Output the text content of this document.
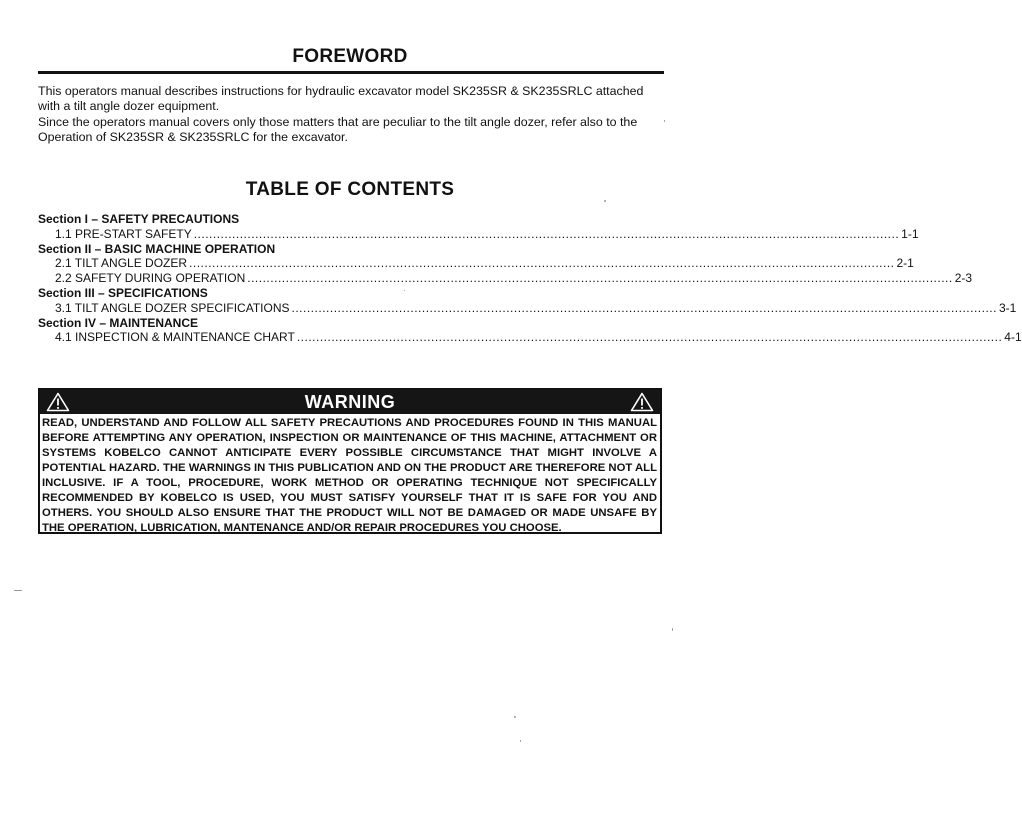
FOREWORD

This operators manual describes instructions for hydraulic excavator model SK235SR & SK235SRLC attached with a tilt angle dozer equipment.

Since the operators manual covers only those matters that are peculiar to the tilt angle dozer, refer also to the Operation of SK235SR & SK235SRLC for the excavator.

TABLE OF CONTENTS
Section I – SAFETY PRECAUTIONS
1.1 PRE-START SAFETY ........................................................................................................................................................................................ 1-1
Section II – BASIC MACHINE OPERATION
2.1 TILT ANGLE DOZER ........................................................................................................................................................................................ 2-1
2.2 SAFETY DURING OPERATION ........................................................................................................................................................................................ 2-3
Section III – SPECIFICATIONS
3.1 TILT ANGLE DOZER SPECIFICATIONS ........................................................................................................................................................................................ 3-1
Section IV – MAINTENANCE
4.1 INSPECTION & MAINTENANCE CHART ........................................................................................................................................................................................ 4-1
WARNING
READ, UNDERSTAND AND FOLLOW ALL SAFETY PRECAUTIONS AND PROCEDURES FOUND IN THIS MANUAL BEFORE ATTEMPTING ANY OPERATION, INSPECTION OR MAINTENANCE OF THIS MACHINE, ATTACHMENT OR SYSTEMS KOBELCO CANNOT ANTICIPATE EVERY POSSIBLE CIRCUMSTANCE THAT MIGHT INVOLVE A POTENTIAL HAZARD. THE WARNINGS IN THIS PUBLICATION AND ON THE PRODUCT ARE THEREFORE NOT ALL INCLUSIVE. IF A TOOL, PROCEDURE, WORK METHOD OR OPERATING TECHNIQUE NOT SPECIFICALLY RECOMMENDED BY KOBELCO IS USED, YOU MUST SATISFY YOURSELF THAT IT IS SAFE FOR YOU AND OTHERS. YOU SHOULD ALSO ENSURE THAT THE PRODUCT WILL NOT BE DAMAGED OR MADE UNSAFE BY THE OPERATION, LUBRICATION, MANTENANCE AND/OR REPAIR PROCEDURES YOU CHOOSE.
